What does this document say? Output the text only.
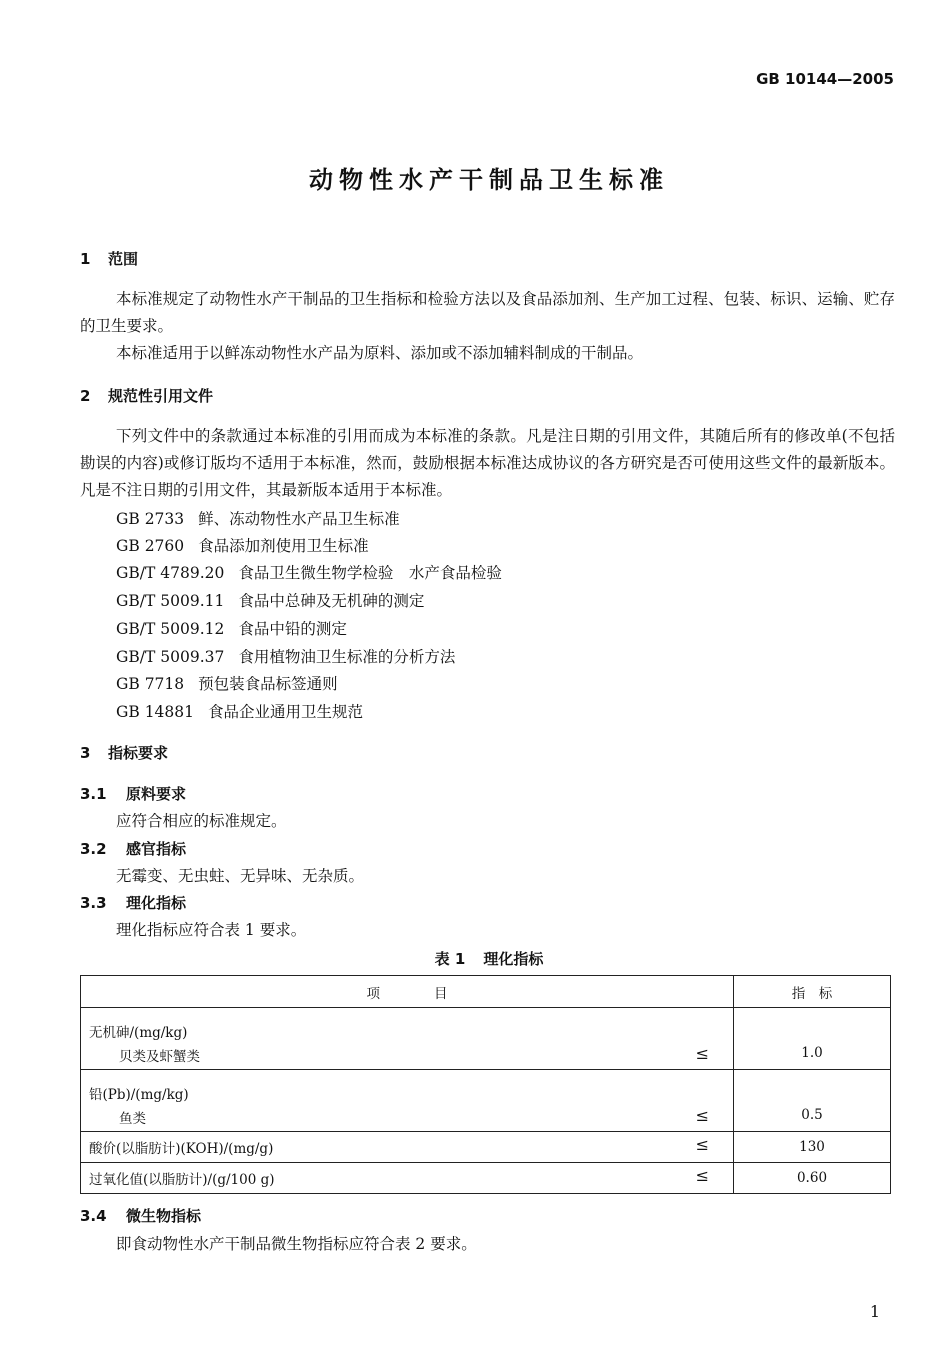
GB 10144—2005
动物性水产干制品卫生标准
1 范围
本标准规定了动物性水产干制品的卫生指标和检验方法以及食品添加剂、生产加工过程、包装、标识、运输、贮存的卫生要求。
本标准适用于以鲜冻动物性水产品为原料、添加或不添加辅料制成的干制品。
2 规范性引用文件
下列文件中的条款通过本标准的引用而成为本标准的条款。凡是注日期的引用文件，其随后所有的修改单(不包括勘误的内容)或修订版均不适用于本标准，然而，鼓励根据本标准达成协议的各方研究是否可使用这些文件的最新版本。凡是不注日期的引用文件，其最新版本适用于本标准。
GB 2733 鲜、冻动物性水产品卫生标准
GB 2760 食品添加剂使用卫生标准
GB/T 4789.20 食品卫生微生物学检验　水产食品检验
GB/T 5009.11 食品中总砷及无机砷的测定
GB/T 5009.12 食品中铅的测定
GB/T 5009.37 食用植物油卫生标准的分析方法
GB 7718 预包装食品标签通则
GB 14881 食品企业通用卫生规范
3 指标要求
3.1 原料要求
应符合相应的标准规定。
3.2 感官指标
无霉变、无虫蛀、无异味、无杂质。
3.3 理化指标
理化指标应符合表 1 要求。
表 1 理化指标
项　　　　目	指　标

无机砷/(mg/kg)
贝类及虾蟹类 ≤	1.0

铅(Pb)/(mg/kg)
鱼类 ≤	0.5

酸价(以脂肪计)(KOH)/(mg/g) ≤	130

过氧化值(以脂肪计)/(g/100 g) ≤	0.60
3.4 微生物指标
即食动物性水产干制品微生物指标应符合表 2 要求。
1
